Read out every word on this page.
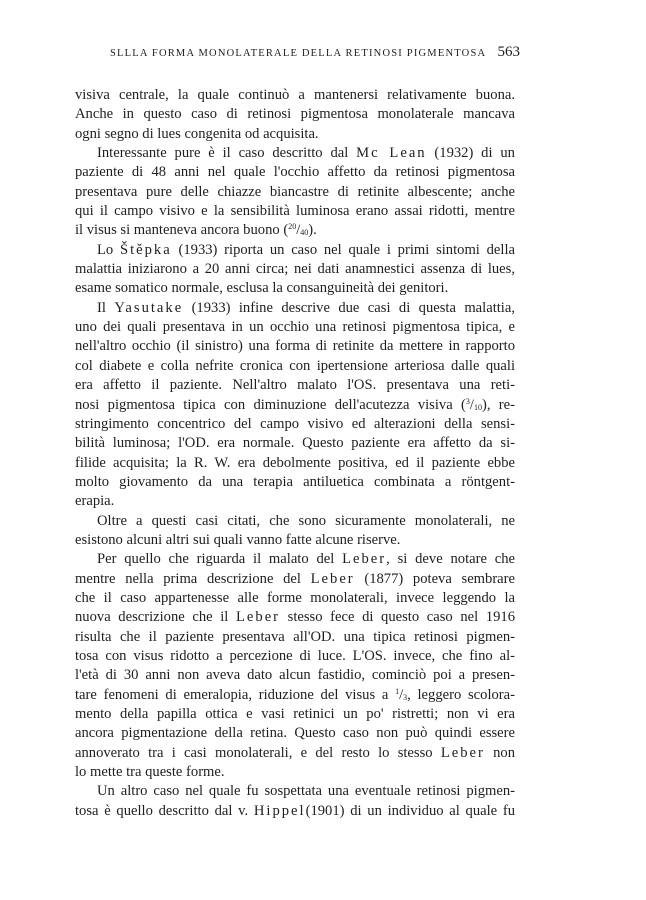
SLLLA FORMA MONOLATERALE DELLA RETINOSI PIGMENTOSA 563
visiva centrale, la quale continuò a mantenersi relativamente buona.
Anche in questo caso di retinosi pigmentosa monolaterale mancava
ogni segno di lues congenita od acquisita.
Interessante pure è il caso descritto dal Mc Lean (1932) di un
paziente di 48 anni nel quale l'occhio affetto da retinosi pigmentosa
presentava pure delle chiazze biancastre di retinite albescente; anche
qui il campo visivo e la sensibilità luminosa erano assai ridotti, mentre
il visus si manteneva ancora buono $(^{20}/_{40})$.
Lo Štěpka (1933) riporta un caso nel quale i primi sintomi della
malattia iniziarono a 20 anni circa; nei dati anamnestici assenza di lues,
esame somatico normale, esclusa la consanguineità dei genitori.
Il Yasutake (1933) infine descrive due casi di questa malattia,
uno dei quali presentava in un occhio una retinosi pigmentosa tipica, e
nell'altro occhio (il sinistro) una forma di retinite da mettere in rapporto
col diabete e colla nefrite cronica con ipertensione arteriosa dalle quali
era affetto il paziente. Nell'altro malato l'OS. presentava una reti-
nosi pigmentosa tipica con diminuzione dell'acutezza visiva $(^3/_{10})$, re-
stringimento concentrico del campo visivo ed alterazioni della sensi-
bilità luminosa; l'OD. era normale. Questo paziente era affetto da si-
filide acquisita; la R. W. era debolmente positiva, ed il paziente ebbe
molto giovamento da una terapia antiluetica combinata a röntgent-
erapia.
Oltre a questi casi citati, che sono sicuramente monolaterali, ne
esistono alcuni altri sui quali vanno fatte alcune riserve.
Per quello che riguarda il malato del Leber, si deve notare che
mentre nella prima descrizione del Leber (1877) poteva sembrare
che il caso appartenesse alle forme monolaterali, invece leggendo la
nuova descrizione che il Leber stesso fece di questo caso nel 1916
risulta che il paziente presentava all'OD. una tipica retinosi pigmen-
tosa con visus ridotto a percezione di luce. L'OS. invece, che fino al-
l'età di 30 anni non aveva dato alcun fastidio, cominciò poi a presen-
tare fenomeni di emeralopia, riduzione del visus a $^1/_3$, leggero scolora-
mento della papilla ottica e vasi retinici un po' ristretti; non vi era
ancora pigmentazione della retina. Questo caso non può quindi essere
annoverato tra i casi monolaterali, e del resto lo stesso Leber non
lo mette tra queste forme.
Un altro caso nel quale fu sospettata una eventuale retinosi pigmen-
tosa è quello descritto dal v. Hippel(1901) di un individuo al quale fu
